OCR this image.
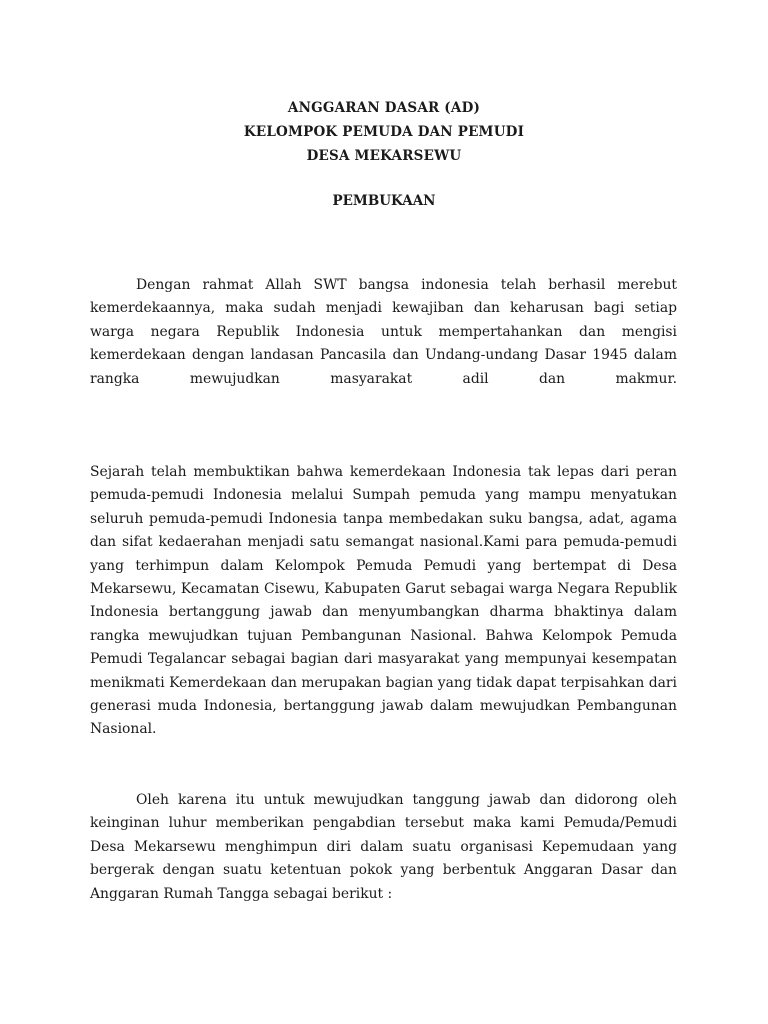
ANGGARAN DASAR (AD)
KELOMPOK PEMUDA DAN PEMUDI
DESA MEKARSEWU
PEMBUKAAN
Dengan rahmat Allah SWT bangsa indonesia telah berhasil merebut kemerdekaannya, maka sudah menjadi kewajiban dan keharusan bagi setiap warga negara Republik Indonesia untuk mempertahankan dan mengisi kemerdekaan dengan landasan Pancasila dan Undang-undang Dasar 1945 dalam rangka mewujudkan masyarakat adil dan makmur.
Sejarah telah membuktikan bahwa kemerdekaan Indonesia tak lepas dari peran pemuda-pemudi Indonesia melalui Sumpah pemuda yang mampu menyatukan seluruh pemuda-pemudi Indonesia tanpa membedakan suku bangsa, adat, agama dan sifat kedaerahan menjadi satu semangat nasional.Kami para pemuda-pemudi yang terhimpun dalam Kelompok Pemuda Pemudi yang bertempat di Desa Mekarsewu, Kecamatan Cisewu, Kabupaten Garut sebagai warga Negara Republik Indonesia bertanggung jawab dan menyumbangkan dharma bhaktinya dalam rangka mewujudkan tujuan Pembangunan Nasional. Bahwa Kelompok Pemuda Pemudi Tegalancar sebagai bagian dari masyarakat yang mempunyai kesempatan menikmati Kemerdekaan dan merupakan bagian yang tidak dapat terpisahkan dari generasi muda Indonesia, bertanggung jawab dalam mewujudkan Pembangunan Nasional.
Oleh karena itu untuk mewujudkan tanggung jawab dan didorong oleh keinginan luhur memberikan pengabdian tersebut maka kami Pemuda/Pemudi Desa Mekarsewu menghimpun diri dalam suatu organisasi Kepemudaan yang bergerak dengan suatu ketentuan pokok yang berbentuk Anggaran Dasar dan Anggaran Rumah Tangga sebagai berikut :
